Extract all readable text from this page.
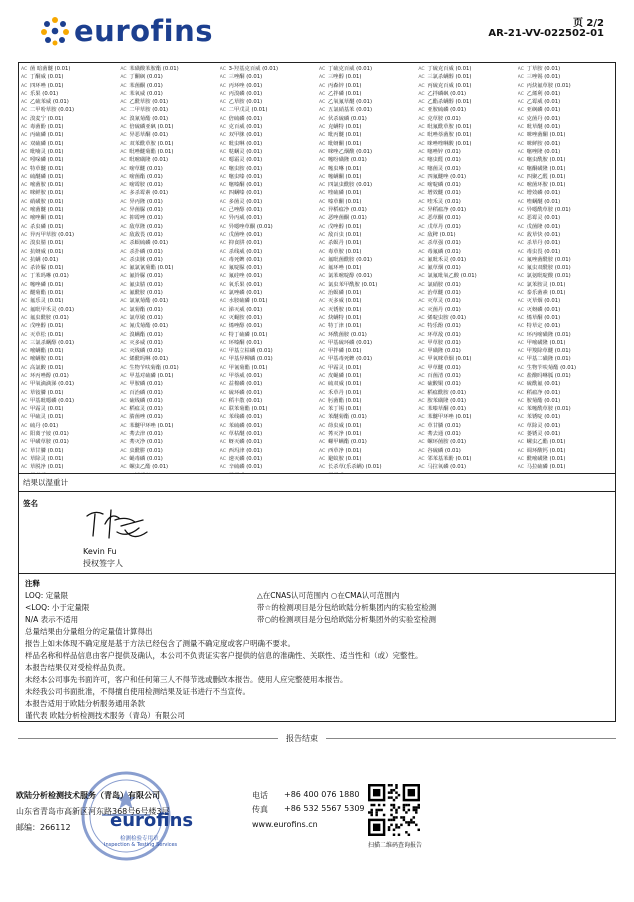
eurofins	页 2/2
AR-21-VV-022502-01
AC 菌 暗菌醚 (0.01)
AC 丁酮威 (0.01)
AC 四环唑 (0.01)
AC 乐果 (0.01)
AC 乙硫苯威 (0.01)
AC 二甲吩草胺 (0.01)
AC 溴麦宁 (0.01)
AC 毒菌酚 (0.01)
AC 丙硫磷 (0.01)
AC 双硫磷 (0.01)
AC 吡喃灵 (0.01)
AC 吲哚磷 (0.01)
AC 特草醚 (0.01)
AC 硫醚磷 (0.01)
AC 嘧菌胺 (0.01)
AC 咪鲜胺 (0.01)
AC 硝磺胺 (0.01)
AC 嘧菌醚 (0.01)
AC 嘧唑酮 (0.01)
AC 杀虫磷 (0.01)
AC 异丙甲草胺 (0.01)
AC 溴虫腈 (0.01)
AC 抗蚜威 (0.01)
AC 抗螨 (0.01)
AC 杀铃脲 (0.01)
AC 丁苯吗啉 (0.01)
AC 噻唑磷 (0.01)
AC 醚菊酯 (0.01)
AC 氟乐灵 (0.01)
AC 氟吡甲禾灵 (0.01)
AC 氟虫酰胺 (0.01)
AC 戊唑醇 (0.01)
AC 灭草松 (0.01)
AC 三氯杀螨醇 (0.01)
AC 嘧螨酯 (0.01)
AC 嘧螨胺 (0.01)
AC 高氯酸 (0.01)
AC 环丙唑醇 (0.01)
AC 甲氧滴滴涕 (0.01)
AC 草铵膦 (0.01)
AC 甲基吡噁磷 (0.01)
AC 甲霜灵 (0.01)
AC 甲硫灵 (0.01)
AC 硫丹 (0.01)
AC 阳离子铵 (0.01)
AC 甲磺草胺 (0.01)
AC 草甘膦 (0.01)
AC 草除灵 (0.01)
AC 草脱净 (0.01)
AC 苯磺酸苯胺酯 (0.01)
AC 丁酮砜 (0.01)
AC 苯菌酮 (0.01)
AC 苯氧威 (0.01)
AC 乙酰草胺 (0.01)
AC 二甲草胺 (0.01)
AC 溴氰菊酯 (0.01)
AC 倍硫磷亚砜 (0.01)
AC 异恶草酮 (0.01)
AC 双苯酰草胺 (0.01)
AC 吡唑醚菊酯 (0.01)
AC 吡嘧磺隆 (0.01)
AC 嘧草醚 (0.01)
AC 嘧菌酯 (0.01)
AC 嘧霉胺 (0.01)
AC 多杀霉素 (0.01)
AC 异丙隆 (0.01)
AC 异菌脲 (0.01)
AC 抑霉唑 (0.01)
AC 敌草隆 (0.01)
AC 敌敌畏 (0.01)
AC 杀螟硫磷 (0.01)
AC 杀扑磷 (0.01)
AC 杀虫脒 (0.01)
AC 氟氯氰菊酯 (0.01)
AC 氟铃脲 (0.01)
AC 氟虫腈 (0.01)
AC 氟酰胺 (0.01)
AC 氯氰菊酯 (0.01)
AC 氯菊酯 (0.01)
AC 氯草敏 (0.01)
AC 氰戊菊酯 (0.01)
AC 溴螨酯 (0.01)
AC 灭多威 (0.01)
AC 灭线磷 (0.01)
AC 烯酰吗啉 (0.01)
AC 生物苄呋菊酯 (0.01)
AC 甲基对硫磷 (0.01)
AC 甲胺磷 (0.01)
AC 百治磷 (0.01)
AC 硫线磷 (0.01)
AC 稻瘟灵 (0.01)
AC 腈菌唑 (0.01)
AC 苯醚甲环唑 (0.01)
AC 莠去津 (0.01)
AC 莠灭净 (0.01)
AC 虫酰肼 (0.01)
AC 蝇毒磷 (0.01)
AC 螺虫乙酯 (0.01)
AC 3-羟基克百威 (0.01)
AC 三唑酮 (0.01)
AC 丙环唑 (0.01)
AC 丙溴磷 (0.01)
AC 乙草胺 (0.01)
AC 二甲戊灵 (0.01)
AC 倍硫磷 (0.01)
AC 克百威 (0.01)
AC 双甲脒 (0.01)
AC 吡虫啉 (0.01)
AC 哒螨灵 (0.01)
AC 噁霜灵 (0.01)
AC 噻虫胺 (0.01)
AC 噻虫嗪 (0.01)
AC 噻嗪酮 (0.01)
AC 四螨嗪 (0.01)
AC 多菌灵 (0.01)
AC 己唑醇 (0.01)
AC 异丙威 (0.01)
AC 异噁唑草酮 (0.01)
AC 戊菌唑 (0.01)
AC 抑食肼 (0.01)
AC 杀线威 (0.01)
AC 毒死蜱 (0.01)
AC 氟啶脲 (0.01)
AC 氟硅唑 (0.01)
AC 氧乐果 (0.01)
AC 氯唑磷 (0.01)
AC 水胺硫磷 (0.01)
AC 涕灭威 (0.01)
AC 灭蝇胺 (0.01)
AC 烯唑醇 (0.01)
AC 特丁硫磷 (0.01)
AC 环嗪酮 (0.01)
AC 甲基立枯磷 (0.01)
AC 甲基异柳磷 (0.01)
AC 甲氰菊酯 (0.01)
AC 甲萘威 (0.01)
AC 益棉磷 (0.01)
AC 硫环磷 (0.01)
AC 稻丰散 (0.01)
AC 联苯菊酯 (0.01)
AC 苯线磷 (0.01)
AC 苯硫磷 (0.01)
AC 草枯醚 (0.01)
AC 蚜灭磷 (0.01)
AC 西玛津 (0.01)
AC 速灭磷 (0.01)
AC 辛硫磷 (0.01)
AC 丁硫克百威 (0.01)
AC 三唑醇 (0.01)
AC 丙森锌 (0.01)
AC 乙拌磷 (0.01)
AC 乙氧氟草醚 (0.01)
AC 五氯硝基苯 (0.01)
AC 伏杀硫磷 (0.01)
AC 克螨特 (0.01)
AC 吡丙醚 (0.01)
AC 吡蚜酮 (0.01)
AC 咪唑乙烟酸 (0.01)
AC 噻吩磺隆 (0.01)
AC 噻虫啉 (0.01)
AC 噻螨酮 (0.01)
AC 四氯虫酰胺 (0.01)
AC 喹硫磷 (0.01)
AC 嗪草酮 (0.01)
AC 异稻瘟净 (0.01)
AC 恶唑菌酮 (0.01)
AC 戊唑醇 (0.01)
AC 敌百虫 (0.01)
AC 杀螟丹 (0.01)
AC 毒草胺 (0.01)
AC 氟吡菌酰胺 (0.01)
AC 氟环唑 (0.01)
AC 氯苯嘧啶醇 (0.01)
AC 氯虫苯甲酰胺 (0.01)
AC 治螟磷 (0.01)
AC 灭多威 (0.01)
AC 灭锈胺 (0.01)
AC 炔螨特 (0.01)
AC 特丁津 (0.01)
AC 环酰菌胺 (0.01)
AC 甲基硫环磷 (0.01)
AC 甲拌磷 (0.01)
AC 甲基毒死蜱 (0.01)
AC 甲霜灵 (0.01)
AC 皮蝇磷 (0.01)
AC 硫双威 (0.01)
AC 禾草丹 (0.01)
AC 肟菌酯 (0.01)
AC 苯丁锡 (0.01)
AC 苯醚菊酯 (0.01)
AC 茚虫威 (0.01)
AC 莠灭净 (0.01)
AC 螺甲螨酯 (0.01)
AC 西草净 (0.01)
AC 避蚊胺 (0.01)
AC 长杀草(乐杀螨) (0.01)
AC 丁硫克百威 (0.01)
AC 三氯杀螨醇 (0.01)
AC 丙硫克百威 (0.01)
AC 乙拌磷砜 (0.01)
AC 乙酯杀螨醇 (0.01)
AC 亚胺硫磷 (0.01)
AC 克草胺 (0.01)
AC 吡氟酰草胺 (0.01)
AC 吡唑萘菌胺 (0.01)
AC 咪唑喹啉酸 (0.01)
AC 噻唑锌 (0.01)
AC 噻虫醛 (0.01)
AC 噻菌灵 (0.01)
AC 四氟醚唑 (0.01)
AC 嘧啶磷 (0.01)
AC 增效醚 (0.01)
AC 喹禾灵 (0.01)
AC 异稻瘟净 (0.01)
AC 恶草酮 (0.01)
AC 戊草丹 (0.01)
AC 敌稗 (0.01)
AC 杀草强 (0.01)
AC 毒氟磷 (0.01)
AC 氟吡禾灵 (0.01)
AC 氟草烟 (0.01)
AC 氯氟吡氧乙酸 (0.01)
AC 氯硝胺 (0.01)
AC 治草醚 (0.01)
AC 灭草灵 (0.01)
AC 灭菌丹 (0.01)
AC 烯啶虫胺 (0.01)
AC 特乐酚 (0.01)
AC 环草敌 (0.01)
AC 甲草胺 (0.01)
AC 甲磺隆 (0.01)
AC 甲氧咪草烟 (0.01)
AC 甲草醚 (0.01)
AC 百菌清 (0.01)
AC 硫酸铜 (0.01)
AC 稻瘟酰胺 (0.01)
AC 胺苯磺隆 (0.01)
AC 苯嗪草酮 (0.01)
AC 苯醚甲环唑 (0.01)
AC 草甘膦 (0.01)
AC 莠去通 (0.01)
AC 螺环菌胺 (0.01)
AC 谷硫磷 (0.01)
AC 邻苯基苯酚 (0.01)
AC 马拉氧磷 (0.01)
AC 丁草胺 (0.01)
AC 三唑锡 (0.01)
AC 丙炔氟草胺 (0.01)
AC 乙烯利 (0.01)
AC 乙霉威 (0.01)
AC 亚砜磷 (0.01)
AC 克菌丹 (0.01)
AC 吡草醚 (0.01)
AC 咪唑菌酮 (0.01)
AC 咪鲜胺 (0.01)
AC 噻唑隆 (0.01)
AC 噻虫酰胺 (0.01)
AC 噻酮磺隆 (0.01)
AC 四聚乙醛 (0.01)
AC 嘧菌环胺 (0.01)
AC 增效磷 (0.01)
AC 喹螨醚 (0.01)
AC 异噁酰草胺 (0.01)
AC 恶霉灵 (0.01)
AC 戊菌隆 (0.01)
AC 敌草快 (0.01)
AC 杀草丹 (0.01)
AC 毒虫畏 (0.01)
AC 氟唑菌酰胺 (0.01)
AC 氟虫双酰胺 (0.01)
AC 氯氨吡啶酸 (0.01)
AC 氯苯胺灵 (0.01)
AC 泰乐菌素 (0.01)
AC 灭草烟 (0.01)
AC 灭蚜磷 (0.01)
AC 烯草酮 (0.01)
AC 特草定 (0.01)
AC 环丙嘧磺隆 (0.01)
AC 甲嘧磺隆 (0.01)
AC 甲羧除草醚 (0.01)
AC 甲基二磺隆 (0.01)
AC 生物苄呋菊酯 (0.01)
AC 盐酸吗啉胍 (0.01)
AC 硫酰氟 (0.01)
AC 稻瘟净 (0.01)
AC 胺菊酯 (0.01)
AC 苯噻酰草胺 (0.01)
AC 苯锈啶 (0.01)
AC 草除灵 (0.01)
AC 萎锈灵 (0.01)
AC 螺虫乙酯 (0.01)
AC 调环酸钙 (0.01)
AC 酰嘧磺隆 (0.01)
AC 马拉硫磷 (0.01)
结果以湿重计
签名
Kevin Fu
授权签字人
注释
LOQ: 定量限
<LOQ: 小于定量限
N/A 表示不适用
总量结果由分量组分的定量值计算得出
△在CNAS认可范围内 ○在CMA认可范围内
带☆的检测项目是分包给欧陆分析集团内的实验室检测
带○的检测项目是分包给欧陆分析集团外的实验室检测
报告上如未体现不确定度是基于方法已经包含了测量不确定度或客户明确不要求。
样品名称和样品信息由客户提供及确认，本公司不负责证实客户提供的信息的准确性、关联性、适当性和（或）完整性。
本报告结果仅对受检样品负责。
未经本公司事先书面许可，客户和任何第三人不得节选或删改本报告。使用人应完整使用本报告。
未经我公司书面批准，不得擅自使用检测结果及证书进行不当宣传。
本报告适用于欧陆分析服务通用条款
谨代表 欧陆分析检测技术服务（青岛）有限公司
报告结束
欧陆分析检测技术服务（青岛）有限公司
山东省青岛市高新区河东路368号6号楼3层
邮编：266112 eurofins
检测检验专用章
Inspection & Testing Services
电话 +86 400 076 1880
传真 +86 532 5567 5309
www.eurofins.cn
扫描二维码查询报告
